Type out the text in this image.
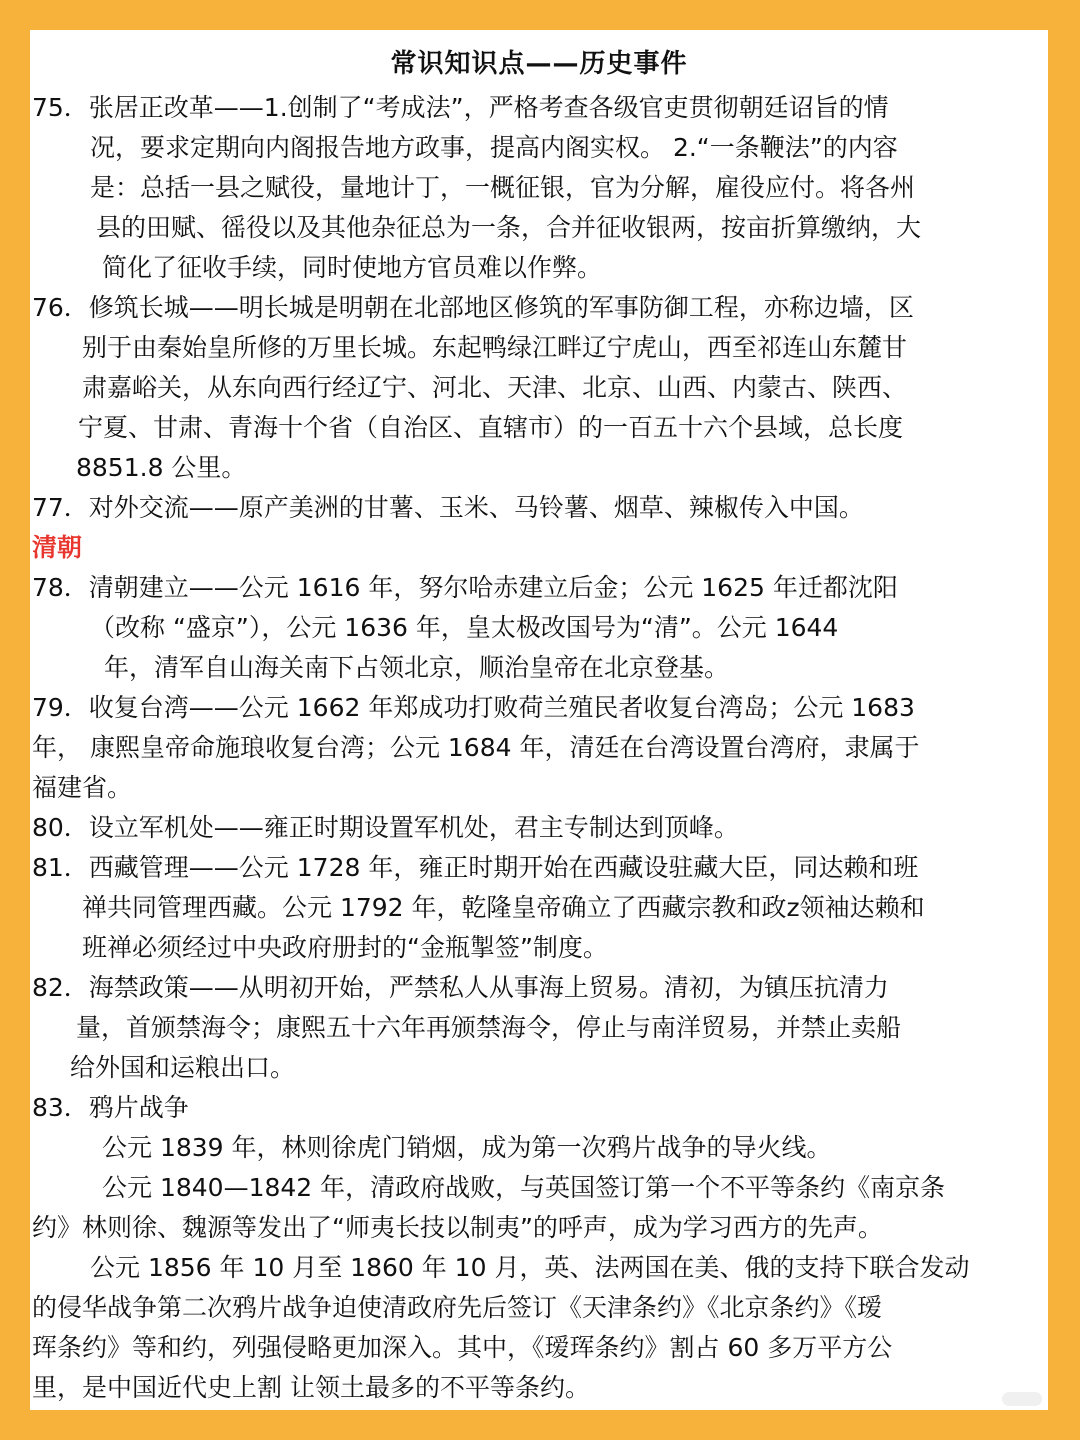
常识知识点——历史事件
75．张居正改革——1.创制了“考成法”，严格考查各级官吏贯彻朝廷诏旨的情
况，要求定期向内阁报告地方政事，提高内阁实权。 2.“一条鞭法”的内容
是：总括一县之赋役，量地计丁，一概征银，官为分解，雇役应付。将各州
县的田赋、徭役以及其他杂征总为一条，合并征收银两，按亩折算缴纳，大
简化了征收手续，同时使地方官员难以作弊。
76．修筑长城——明长城是明朝在北部地区修筑的军事防御工程，亦称边墙，区
别于由秦始皇所修的万里长城。东起鸭绿江畔辽宁虎山，西至祁连山东麓甘
肃嘉峪关，从东向西行经辽宁、河北、天津、北京、山西、内蒙古、陕西、
宁夏、甘肃、青海十个省（自治区、直辖市）的一百五十六个县域，总长度
8851.8 公里。
77．对外交流——原产美洲的甘薯、玉米、马铃薯、烟草、辣椒传入中国。
清朝
78．清朝建立——公元 1616 年，努尔哈赤建立后金；公元 1625 年迁都沈阳
（改称 “盛京”），公元 1636 年，皇太极改国号为“清”。公元 1644
年，清军自山海关南下占领北京，顺治皇帝在北京登基。
79．收复台湾——公元 1662 年郑成功打败荷兰殖民者收复台湾岛；公元 1683
年， 康熙皇帝命施琅收复台湾；公元 1684 年，清廷在台湾设置台湾府，隶属于
福建省。
80．设立军机处——雍正时期设置军机处，君主专制达到顶峰。
81．西藏管理——公元 1728 年，雍正时期开始在西藏设驻藏大臣，同达赖和班
禅共同管理西藏。公元 1792 年，乾隆皇帝确立了西藏宗教和政z领袖达赖和
班禅必须经过中央政府册封的“金瓶掣签”制度。
82．海禁政策——从明初开始，严禁私人从事海上贸易。清初，为镇压抗清力
量，首颁禁海令；康熙五十六年再颁禁海令，停止与南洋贸易，并禁止卖船
给外国和运粮出口。
83．鸦片战争
公元 1839 年，林则徐虎门销烟，成为第一次鸦片战争的导火线。
公元 1840—1842 年，清政府战败，与英国签订第一个不平等条约《南京条
约》林则徐、魏源等发出了“师夷长技以制夷”的呼声，成为学习西方的先声。
公元 1856 年 10 月至 1860 年 10 月，英、法两国在美、俄的支持下联合发动
的侵华战争第二次鸦片战争迫使清政府先后签订《天津条约》《北京条约》《瑷
珲条约》等和约，列强侵略更加深入。其中，《瑷珲条约》割占 60 多万平方公
里，是中国近代史上割 让领土最多的不平等条约。
